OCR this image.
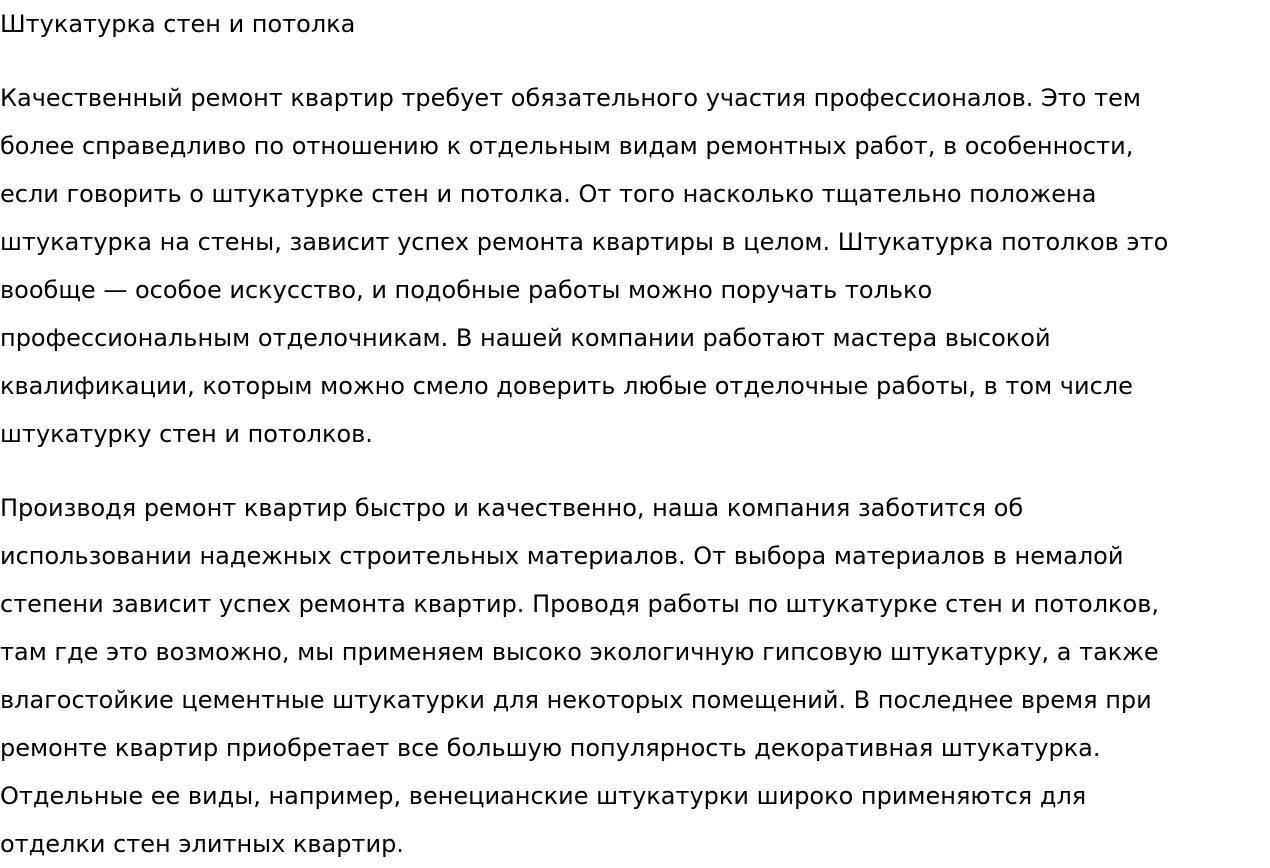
Штукатурка стен и потолка

Качественный ремонт квартир требует обязательного участия профессионалов. Это тем
более справедливо по отношению к отдельным видам ремонтных работ, в особенности,
если говорить о штукатурке стен и потолка. От того насколько тщательно положена
штукатурка на стены, зависит успех ремонта квартиры в целом. Штукатурка потолков это
вообще — особое искусство, и подобные работы можно поручать только
профессиональным отделочникам. В нашей компании работают мастера высокой
квалификации, которым можно смело доверить любые отделочные работы, в том числе
штукатурку стен и потолков.

Производя ремонт квартир быстро и качественно, наша компания заботится об
использовании надежных строительных материалов. От выбора материалов в немалой
степени зависит успех ремонта квартир. Проводя работы по штукатурке стен и потолков,
там где это возможно, мы применяем высоко экологичную гипсовую штукатурку, а также
влагостойкие цементные штукатурки для некоторых помещений. В последнее время при
ремонте квартир приобретает все большую популярность декоративная штукатурка.
Отдельные ее виды, например, венецианские штукатурки широко применяются для
отделки стен элитных квартир.
